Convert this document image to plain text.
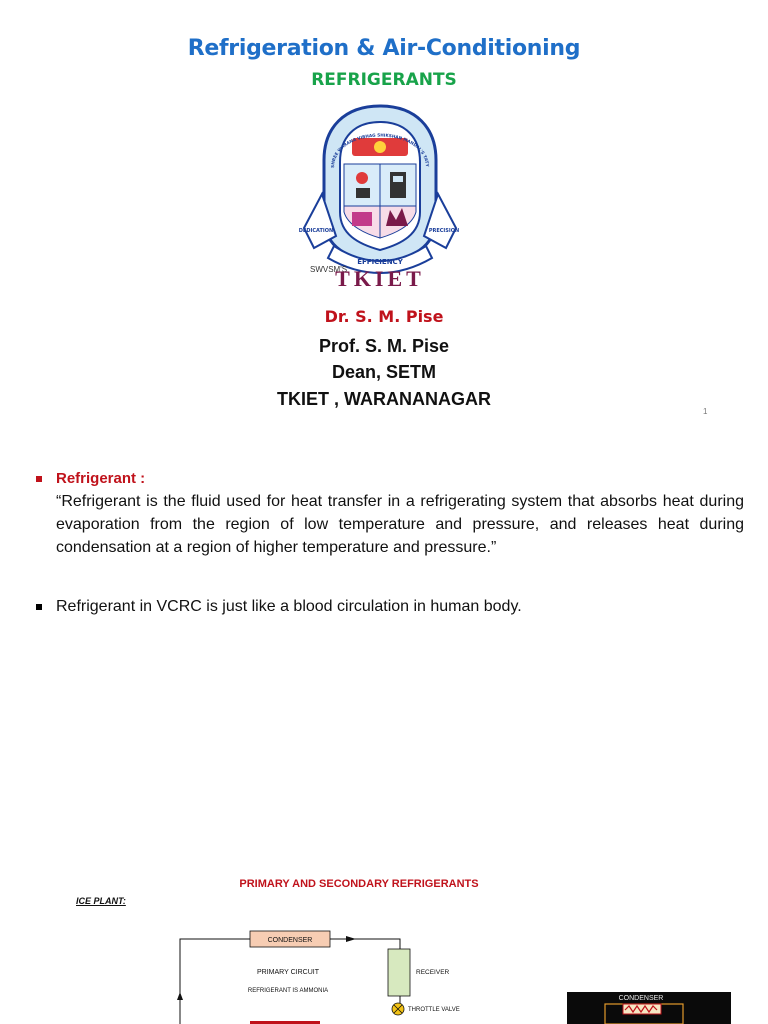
Refrigeration & Air-Conditioning
REFRIGERANTS
EFFICIENCY
DEDICATION	PRECISION
SHREE WARANA VIBHAG SHIKSHAN MANDAL'S TATY
SWVSM'S
TKIET
Dr. S. M. Pise
Prof. S. M. Pise
Dean, SETM
TKIET , WARANANAGAR
1
Refrigerant :
“Refrigerant is the fluid used for heat transfer in a refrigerating system that absorbs heat during evaporation from the region of low temperature and pressure, and releases heat during condensation at a region of higher temperature and pressure.”
Refrigerant in VCRC is just like a blood circulation in human body.
PRIMARY AND SECONDARY REFRIGERANTS
ICE PLANT:
CONDENSER
PRIMARY CIRCUIT
REFRIGERANT IS AMMONIA
RECEIVER
THROTTLE VALVE
CONDENSER
